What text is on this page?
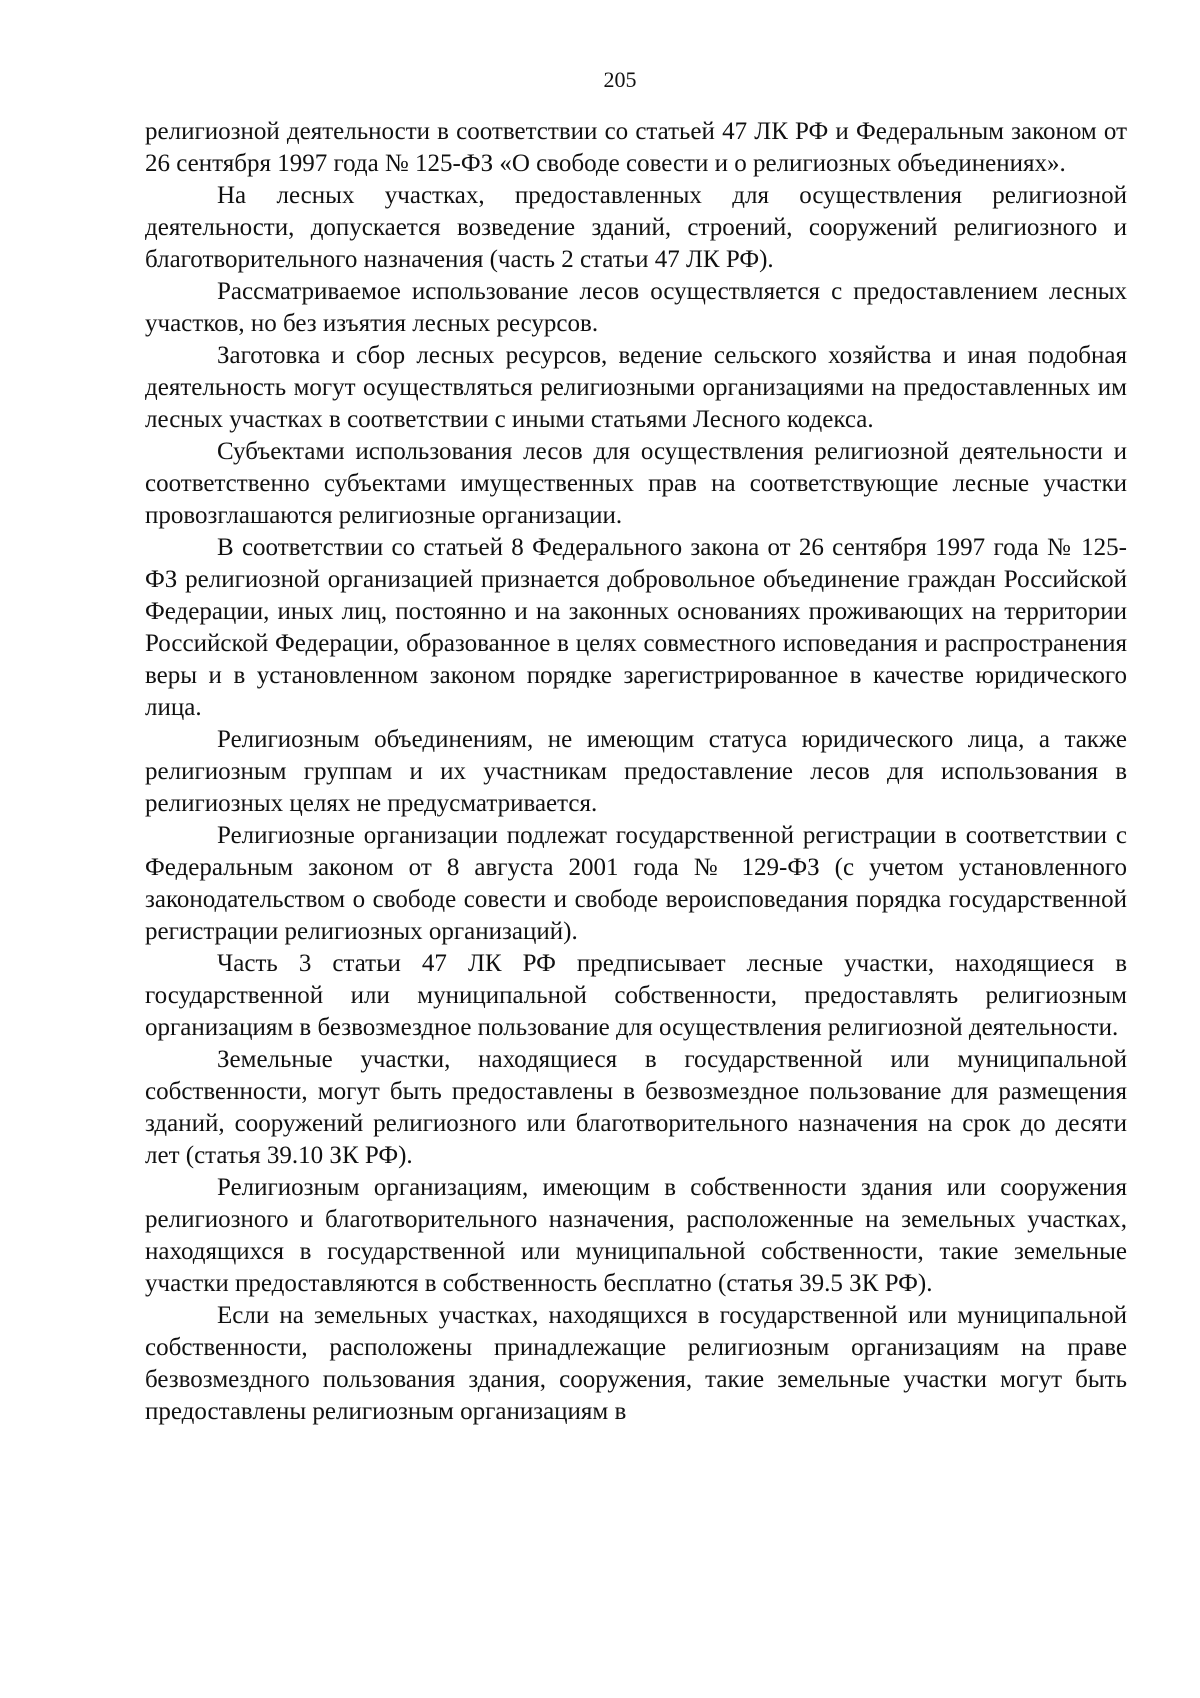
205

религиозной деятельности в соответствии со статьей 47 ЛК РФ и Федеральным законом от 26 сентября 1997 года № 125-ФЗ «О свободе совести и о религиозных объединениях».

На лесных участках, предоставленных для осуществления религиозной деятельности, допускается возведение зданий, строений, сооружений религиозного и благотворительного назначения (часть 2 статьи 47 ЛК РФ).

Рассматриваемое использование лесов осуществляется с предоставлением лесных участков, но без изъятия лесных ресурсов.

Заготовка и сбор лесных ресурсов, ведение сельского хозяйства и иная подобная деятельность могут осуществляться религиозными организациями на предоставленных им лесных участках в соответствии с иными статьями Лесного кодекса.

Субъектами использования лесов для осуществления религиозной деятельности и соответственно субъектами имущественных прав на соответствующие лесные участки провозглашаются религиозные организации.

В соответствии со статьей 8 Федерального закона от 26 сентября 1997 года № 125-ФЗ религиозной организацией признается добровольное объединение граждан Российской Федерации, иных лиц, постоянно и на законных основаниях проживающих на территории Российской Федерации, образованное в целях совместного исповедания и распространения веры и в установленном законом порядке зарегистрированное в качестве юридического лица.

Религиозным объединениям, не имеющим статуса юридического лица, а также религиозным группам и их участникам предоставление лесов для использования в религиозных целях не предусматривается.

Религиозные организации подлежат государственной регистрации в соответствии с Федеральным законом от 8 августа 2001 года № 129-ФЗ (с учетом установленного законодательством о свободе совести и свободе вероисповедания порядка государственной регистрации религиозных организаций).

Часть 3 статьи 47 ЛК РФ предписывает лесные участки, находящиеся в государственной или муниципальной собственности, предоставлять религиозным организациям в безвозмездное пользование для осуществления религиозной деятельности.

Земельные участки, находящиеся в государственной или муниципальной собственности, могут быть предоставлены в безвозмездное пользование для размещения зданий, сооружений религиозного или благотворительного назначения на срок до десяти лет (статья 39.10 ЗК РФ).

Религиозным организациям, имеющим в собственности здания или сооружения религиозного и благотворительного назначения, расположенные на земельных участках, находящихся в государственной или муниципальной собственности, такие земельные участки предоставляются в собственность бесплатно (статья 39.5 ЗК РФ).

Если на земельных участках, находящихся в государственной или муниципальной собственности, расположены принадлежащие религиозным организациям на праве безвозмездного пользования здания, сооружения, такие земельные участки могут быть предоставлены религиозным организациям в
